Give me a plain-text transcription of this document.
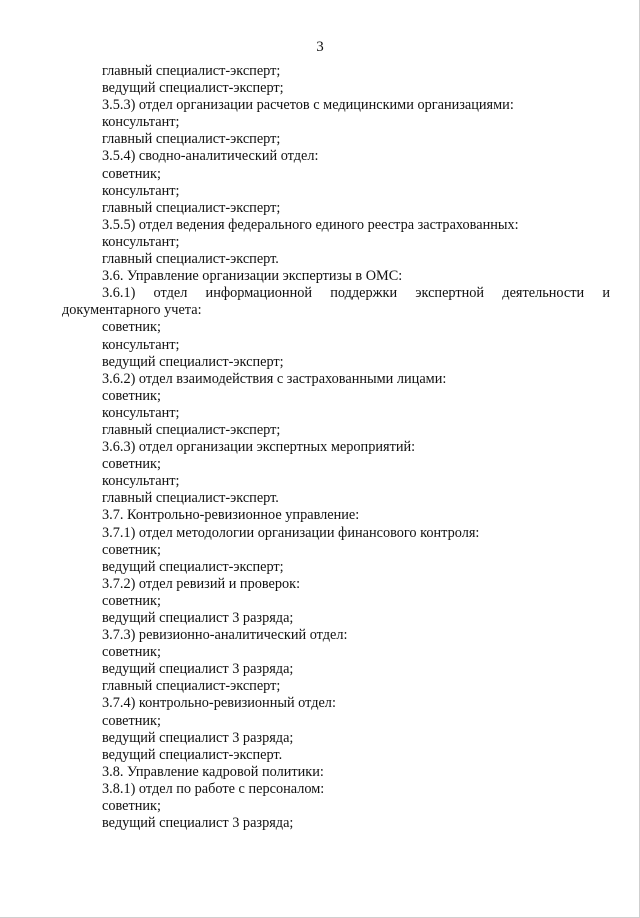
3
главный специалист-эксперт;
ведущий специалист-эксперт;
3.5.3) отдел организации расчетов с медицинскими организациями:
консультант;
главный специалист-эксперт;
3.5.4) сводно-аналитический отдел:
советник;
консультант;
главный специалист-эксперт;
3.5.5) отдел ведения федерального единого реестра застрахованных:
консультант;
главный специалист-эксперт.
3.6. Управление организации экспертизы в ОМС:
3.6.1) отдел информационной поддержки экспертной деятельности и
документарного учета:
советник;
консультант;
ведущий специалист-эксперт;
3.6.2) отдел взаимодействия с застрахованными лицами:
советник;
консультант;
главный специалист-эксперт;
3.6.3) отдел организации экспертных мероприятий:
советник;
консультант;
главный специалист-эксперт.
3.7. Контрольно-ревизионное управление:
3.7.1) отдел методологии организации финансового контроля:
советник;
ведущий специалист-эксперт;
3.7.2) отдел ревизий и проверок:
советник;
ведущий специалист 3 разряда;
3.7.3) ревизионно-аналитический отдел:
советник;
ведущий специалист 3 разряда;
главный специалист-эксперт;
3.7.4) контрольно-ревизионный отдел:
советник;
ведущий специалист 3 разряда;
ведущий специалист-эксперт.
3.8. Управление кадровой политики:
3.8.1) отдел по работе с персоналом:
советник;
ведущий специалист 3 разряда;
